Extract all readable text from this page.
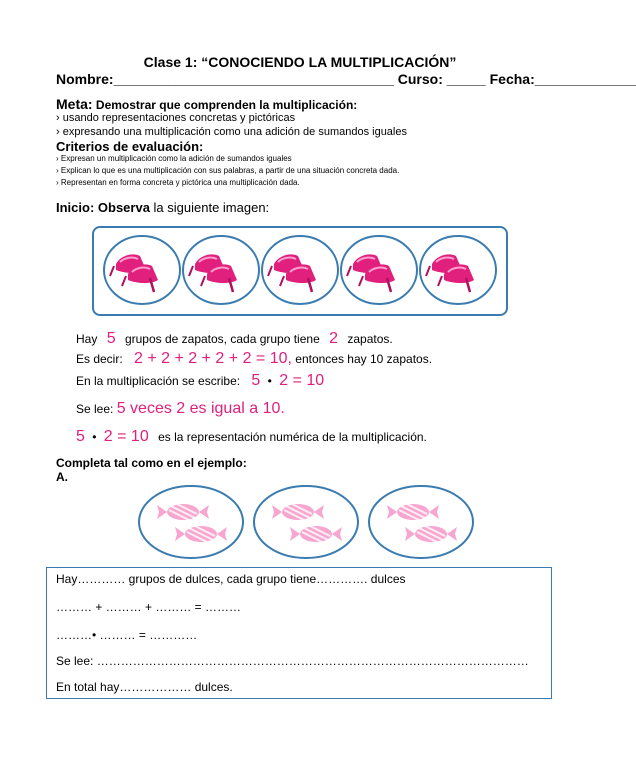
Clase 1: “CONOCIENDO LA MULTIPLICACIÓN”
Nombre:____________________________________ Curso: _____ Fecha:_____________
Meta: Demostrar que comprenden la multiplicación:
› usando representaciones concretas y pictóricas
› expresando una multiplicación como una adición de sumandos iguales
Criterios de evaluación:
› Expresan un multiplicación como la adición de sumandos iguales
› Explican lo que es una multiplicación con sus palabras, a partir de una situación concreta dada.
› Representan en forma concreta y pictórica una multiplicación dada.
Inicio: Observa la siguiente imagen:
Hay 5 grupos de zapatos, cada grupo tiene 2 zapatos.
Es decir: 2 + 2 + 2 + 2 + 2 = 10, entonces hay 10 zapatos.
En la multiplicación se escribe: 5 • 2 = 10
Se lee: 5 veces 2 es igual a 10.
5 • 2 = 10 es la representación numérica de la multiplicación.
Completa tal como en el ejemplo:
A.
Hay………… grupos de dulces, cada grupo tiene…………. dulces
……… + ……… + ……… = ………
………• ……… = …………
Se lee: ………………………………………………………………………………………………
En total hay……………… dulces.
